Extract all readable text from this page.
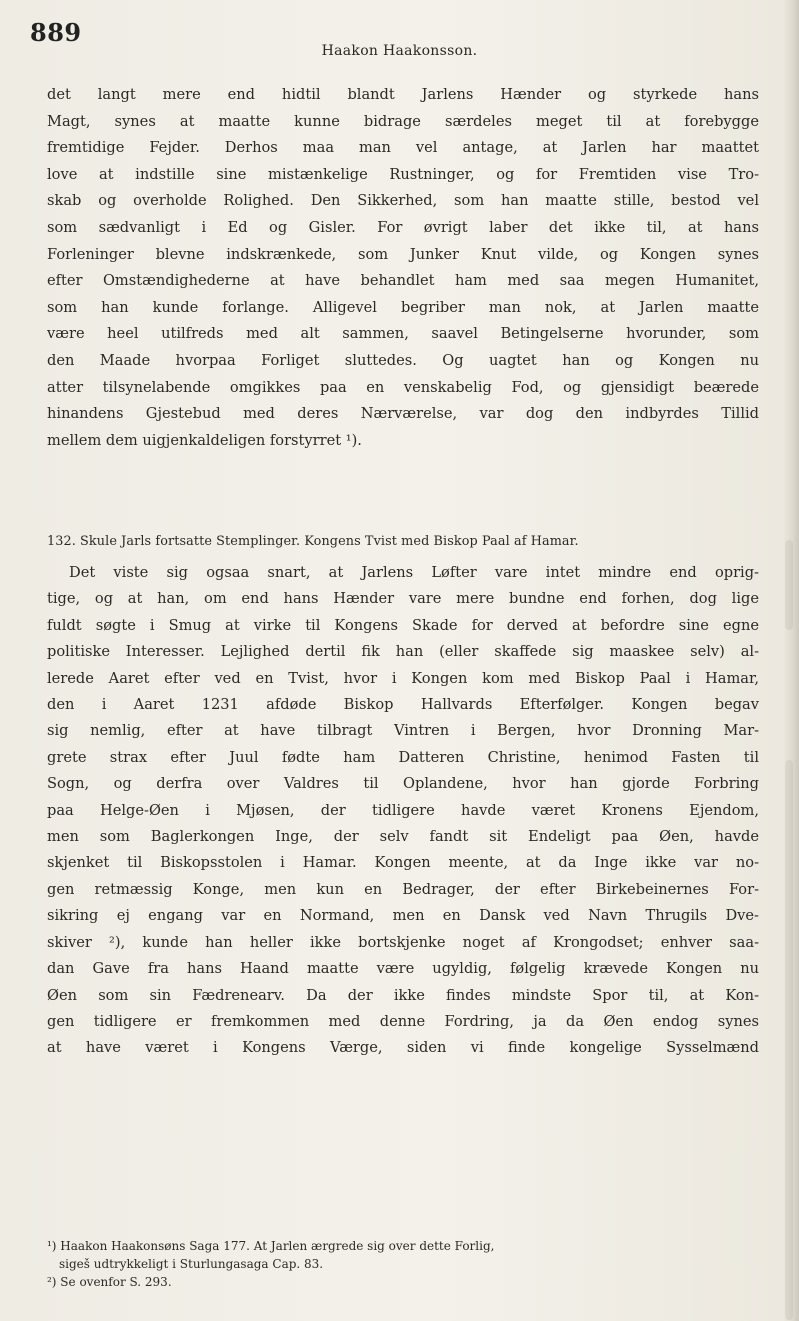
889
Haakon Haakonsson.

det langt mere end hidtil blandt Jarlens Hænder og styrkede hans

Magt, synes at maatte kunne bidrage særdeles meget til at forebygge

fremtidige Fejder. Derhos maa man vel antage, at Jarlen har maattet

love at indstille sine mistænkelige Rustninger, og for Fremtiden vise Tro-

skab og overholde Rolighed. Den Sikkerhed, som han maatte stille, bestod vel

som sædvanligt i Ed og Gisler. For øvrigt laber det ikke til, at hans

Forleninger blevne indskrænkede, som Junker Knut vilde, og Kongen synes

efter Omstændighederne at have behandlet ham med saa megen Humanitet,

som han kunde forlange. Alligevel begriber man nok, at Jarlen maatte

være heel utilfreds med alt sammen, saavel Betingelserne hvorunder, som

den Maade hvorpaa Forliget sluttedes. Og uagtet han og Kongen nu

atter tilsynelabende omgikkes paa en venskabelig Fod, og gjensidigt beærede

hinandens Gjestebud med deres Nærværelse, var dog den indbyrdes Tillid

mellem dem uigjenkaldeligen forstyrret ¹).

132. Skule Jarls fortsatte Stemplinger. Kongens Tvist med Biskop Paal af Hamar.

Det viste sig ogsaa snart, at Jarlens Løfter vare intet mindre end oprig-

tige, og at han, om end hans Hænder vare mere bundne end forhen, dog lige

fuldt søgte i Smug at virke til Kongens Skade for derved at befordre sine egne

politiske Interesser. Lejlighed dertil fik han (eller skaffede sig maaskee selv) al-

lerede Aaret efter ved en Tvist, hvor i Kongen kom med Biskop Paal i Hamar,

den i Aaret 1231 afdøde Biskop Hallvards Efterfølger. Kongen begav

sig nemlig, efter at have tilbragt Vintren i Bergen, hvor Dronning Mar-

grete strax efter Juul fødte ham Datteren Christine, henimod Fasten til

Sogn, og derfra over Valdres til Oplandene, hvor han gjorde Forbring

paa Helge-Øen i Mjøsen, der tidligere havde været Kronens Ejendom,

men som Baglerkongen Inge, der selv fandt sit Endeligt paa Øen, havde

skjenket til Biskopsstolen i Hamar. Kongen meente, at da Inge ikke var no-

gen retmæssig Konge, men kun en Bedrager, der efter Birkebeinernes For-

sikring ej engang var en Normand, men en Dansk ved Navn Thrugils Dve-

skiver ²), kunde han heller ikke bortskjenke noget af Krongodset; enhver saa-

dan Gave fra hans Haand maatte være ugyldig, følgelig krævede Kongen nu

Øen som sin Fædrenearv. Da der ikke findes mindste Spor til, at Kon-

gen tidligere er fremkommen med denne Fordring, ja da Øen endog synes

at have været i Kongens Værge, siden vi finde kongelige Sysselmænd

¹) Haakon Haakonsøns Saga 177. At Jarlen ærgrede sig over dette Forlig,
sigeš udtrykkeligt i Sturlungasaga Cap. 83.
²) Se ovenfor S. 293.
